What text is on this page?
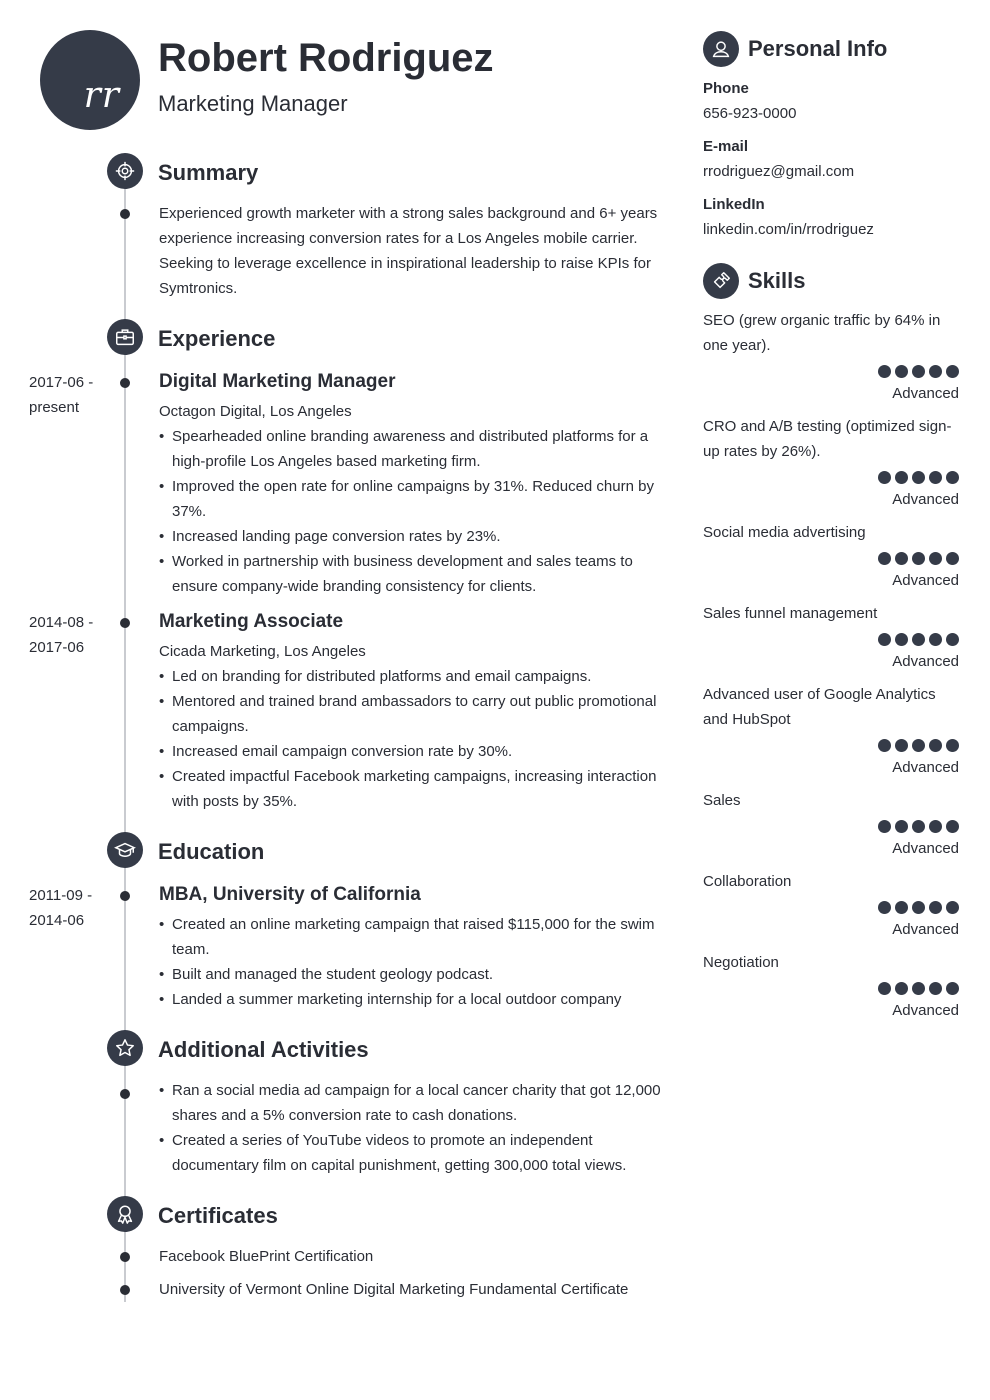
rr
Robert Rodriguez
Marketing Manager
Summary
Experienced growth marketer with a strong sales background and 6+ years experience increasing conversion rates for a Los Angeles mobile carrier. Seeking to leverage excellence in inspirational leadership to raise KPIs for Symtronics.
Experience
2017-06 -
present
Digital Marketing Manager
Octagon Digital, Los Angeles
• Spearheaded online branding awareness and distributed platforms for a high-profile Los Angeles based marketing firm.
• Improved the open rate for online campaigns by 31%. Reduced churn by 37%.
• Increased landing page conversion rates by 23%.
• Worked in partnership with business development and sales teams to ensure company-wide branding consistency for clients.
2014-08 -
2017-06
Marketing Associate
Cicada Marketing, Los Angeles
• Led on branding for distributed platforms and email campaigns.
• Mentored and trained brand ambassadors to carry out public promotional campaigns.
• Increased email campaign conversion rate by 30%.
• Created impactful Facebook marketing campaigns, increasing interaction with posts by 35%.
Education
2011-09 -
2014-06
MBA, University of California
• Created an online marketing campaign that raised $115,000 for the swim team.
• Built and managed the student geology podcast.
• Landed a summer marketing internship for a local outdoor company
Additional Activities
• Ran a social media ad campaign for a local cancer charity that got 12,000 shares and a 5% conversion rate to cash donations.
• Created a series of YouTube videos to promote an independent documentary film on capital punishment, getting 300,000 total views.
Certificates
Facebook BluePrint Certification
University of Vermont Online Digital Marketing Fundamental Certificate
Personal Info
Phone
656-923-0000
E-mail
rrodriguez@gmail.com
LinkedIn
linkedin.com/in/rrodriguez
Skills
SEO (grew organic traffic by 64% in one year).
Advanced
CRO and A/B testing (optimized sign-up rates by 26%).
Advanced
Social media advertising
Advanced
Sales funnel management
Advanced
Advanced user of Google Analytics and HubSpot
Advanced
Sales
Advanced
Collaboration
Advanced
Negotiation
Advanced
